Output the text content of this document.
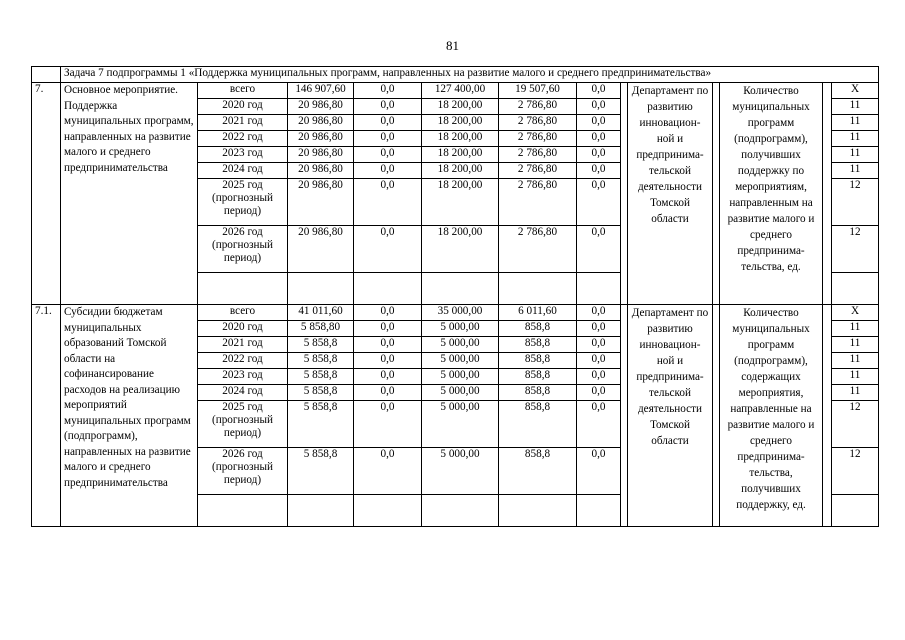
81
	Задача 7 подпрограммы 1 «Поддержка муниципальных программ, направленных на развитие малого и среднего предпринимательства»												
7.	Основное мероприятие. Поддержка муниципальных программ, направленных на развитие малого и среднего предпринимательства	всего	146 907,60	0,0	127 400,00	19 507,60	0,0		Департамент по развитию инновацион-ной и предпринима-тельской деятельности Томской области		Количество муниципальных программ (подпрограмм), получивших поддержку по мероприятиям, направленным на развитие малого и среднего предпринима-тельства, ед.		X
		2020 год	20 986,80	0,0	18 200,00	2 786,80	0,0						11
		2021 год	20 986,80	0,0	18 200,00	2 786,80	0,0						11
		2022 год	20 986,80	0,0	18 200,00	2 786,80	0,0						11
		2023 год	20 986,80	0,0	18 200,00	2 786,80	0,0						11
		2024 год	20 986,80	0,0	18 200,00	2 786,80	0,0						11
		2025 год (прогнозный период)	20 986,80	0,0	18 200,00	2 786,80	0,0						12
		2026 год (прогнозный период)	20 986,80	0,0	18 200,00	2 786,80	0,0						12

7.1.	Субсидии бюджетам муниципальных образований Томской области на софинансирование расходов на реализацию мероприятий муниципальных программ (подпрограмм), направленных на развитие малого и среднего предпринимательства	всего	41 011,60	0,0	35 000,00	6 011,60	0,0		Департамент по развитию инновацион-ной и предпринима-тельской деятельности Томской области		Количество муниципальных программ (подпрограмм), содержащих мероприятия, направленные на развитие малого и среднего предпринима-тельства, получивших поддержку, ед.		X
		2020 год	5 858,80	0,0	5 000,00	858,8	0,0						11
		2021 год	5 858,8	0,0	5 000,00	858,8	0,0						11
		2022 год	5 858,8	0,0	5 000,00	858,8	0,0						11
		2023 год	5 858,8	0,0	5 000,00	858,8	0,0						11
		2024 год	5 858,8	0,0	5 000,00	858,8	0,0						11
		2025 год (прогнозный период)	5 858,8	0,0	5 000,00	858,8	0,0						12
		2026 год (прогнозный период)	5 858,8	0,0	5 000,00	858,8	0,0						12
